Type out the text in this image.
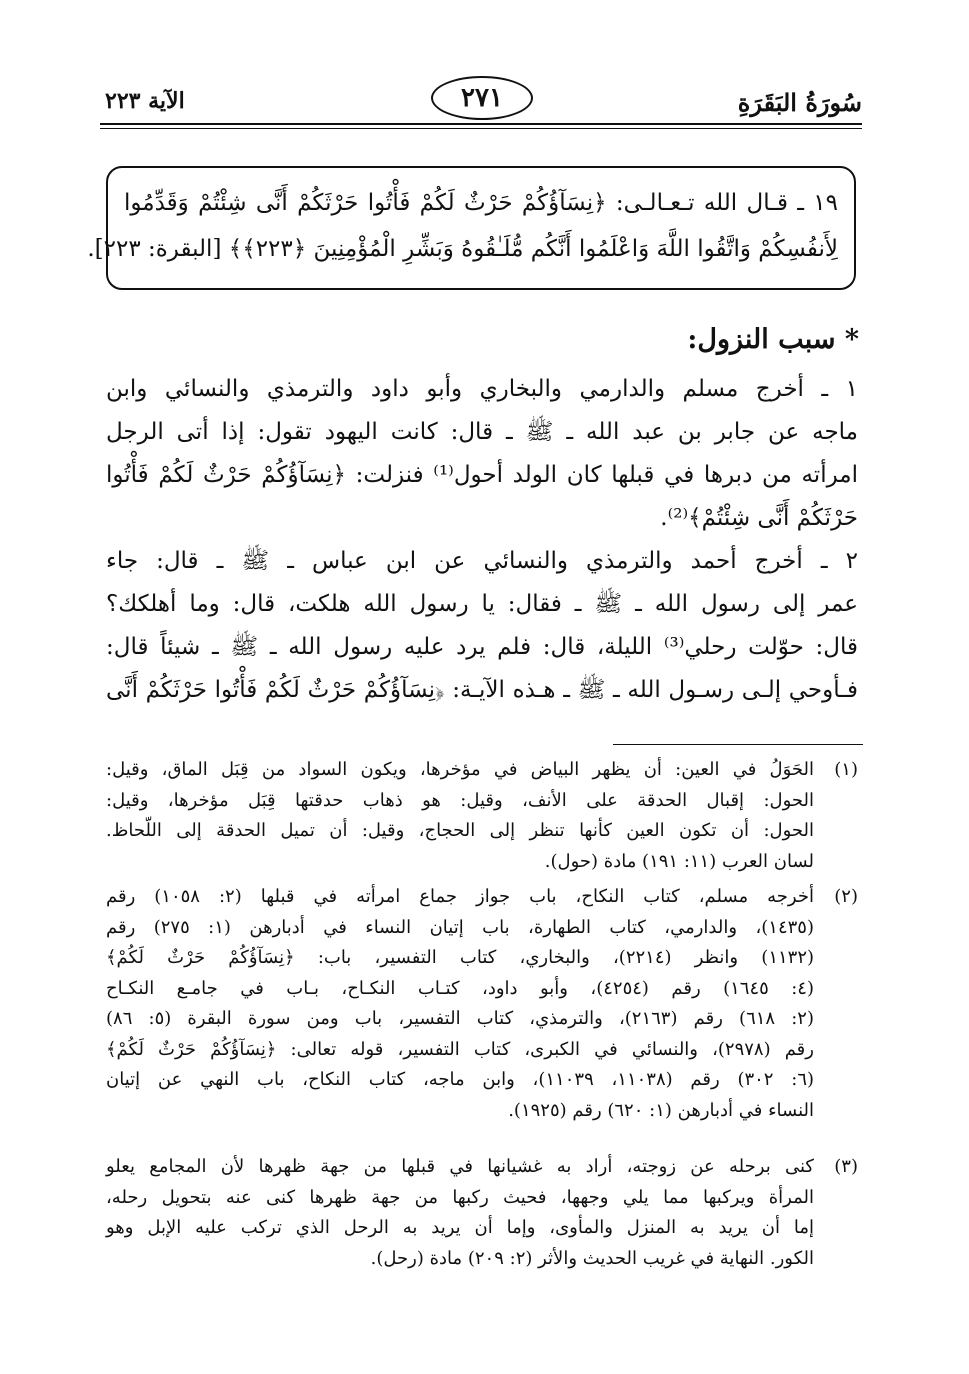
سُورَةُ البَقَرَةِ
٢٧١
الآية ٢٢٣
١٩ ـ قـال الله تـعـالـى: ﴿نِسَآؤُكُمْ حَرْثٌ لَكُمْ فَأْتُوا حَرْثَكُمْ أَنَّى شِئْتُمْ وَقَدِّمُوا
لِأَنفُسِكُمْ وَاتَّقُوا اللَّهَ وَاعْلَمُوا أَنَّكُم مُّلَـٰقُوهُ وَبَشِّرِ الْمُؤْمِنِينَ ﴿٢٢٣﴾﴾ [البقرة: ٢٢٣].
* سبب النزول:
١ ـ أخرج مسلم والدارمي والبخاري وأبو داود والترمذي والنسائي وابن
ماجه عن جابر بن عبد الله ـ ﷺ ـ قال: كانت اليهود تقول: إذا أتى الرجل
امرأته من دبرها في قبلها كان الولد أحول⁽¹⁾ فنزلت: ﴿نِسَآؤُكُمْ حَرْثٌ لَكُمْ فَأْتُوا
حَرْثَكُمْ أَنَّى شِئْتُمْ﴾⁽²⁾.
٢ ـ أخرج أحمد والترمذي والنسائي عن ابن عباس ـ ﷺ ـ قال: جاء
عمر إلى رسول الله ـ ﷺ ـ فقال: يا رسول الله هلكت، قال: وما أهلكك؟
قال: حوّلت رحلي⁽³⁾ الليلة، قال: فلم يرد عليه رسول الله ـ ﷺ ـ شيئاً قال:
فـأوحي إلـى رسـول الله ـ ﷺ ـ هـذه الآيـة: ﴿نِسَآؤُكُمْ حَرْثٌ لَكُمْ فَأْتُوا حَرْثَكُمْ أَنَّى
(١)
الحَوَلُ في العين: أن يظهر البياض في مؤخرها، ويكون السواد من قِبَل الماق، وقيل:
الحول: إقبال الحدقة على الأنف، وقيل: هو ذهاب حدقتها قِبَل مؤخرها، وقيل:
الحول: أن تكون العين كأنها تنظر إلى الحجاج، وقيل: أن تميل الحدقة إلى اللّحاظ.
لسان العرب (١١: ١٩١) مادة (حول).
(٢)
أخرجه مسلم، كتاب النكاح، باب جواز جماع امرأته في قبلها (٢: ١٠٥٨) رقم
(١٤٣٥)، والدارمي، كتاب الطهارة، باب إتيان النساء في أدبارهن (١: ٢٧٥) رقم
(١١٣٢) وانظر (٢٢١٤)، والبخاري، كتاب التفسير، باب: ﴿نِسَآؤُكُمْ حَرْثٌ لَكُمْ﴾
(٤: ١٦٤٥) رقم (٤٢٥٤)، وأبو داود، كتـاب النكـاح، بـاب في جامـع النكـاح
(٢: ٦١٨) رقم (٢١٦٣)، والترمذي، كتاب التفسير، باب ومن سورة البقرة (٥: ٨٦)
رقم (٢٩٧٨)، والنسائي في الكبرى، كتاب التفسير، قوله تعالى: ﴿نِسَآؤُكُمْ حَرْثٌ لَكُمْ﴾
(٦: ٣٠٢) رقم (١١٠٣٨، ١١٠٣٩)، وابن ماجه، كتاب النكاح، باب النهي عن إتيان
النساء في أدبارهن (١: ٦٢٠) رقم (١٩٢٥).
(٣)
كنى برحله عن زوجته، أراد به غشيانها في قبلها من جهة ظهرها لأن المجامع يعلو
المرأة ويركبها مما يلي وجهها، فحيث ركبها من جهة ظهرها كنى عنه بتحويل رحله،
إما أن يريد به المنزل والمأوى، وإما أن يريد به الرحل الذي تركب عليه الإبل وهو
الكور. النهاية في غريب الحديث والأثر (٢: ٢٠٩) مادة (رحل).
